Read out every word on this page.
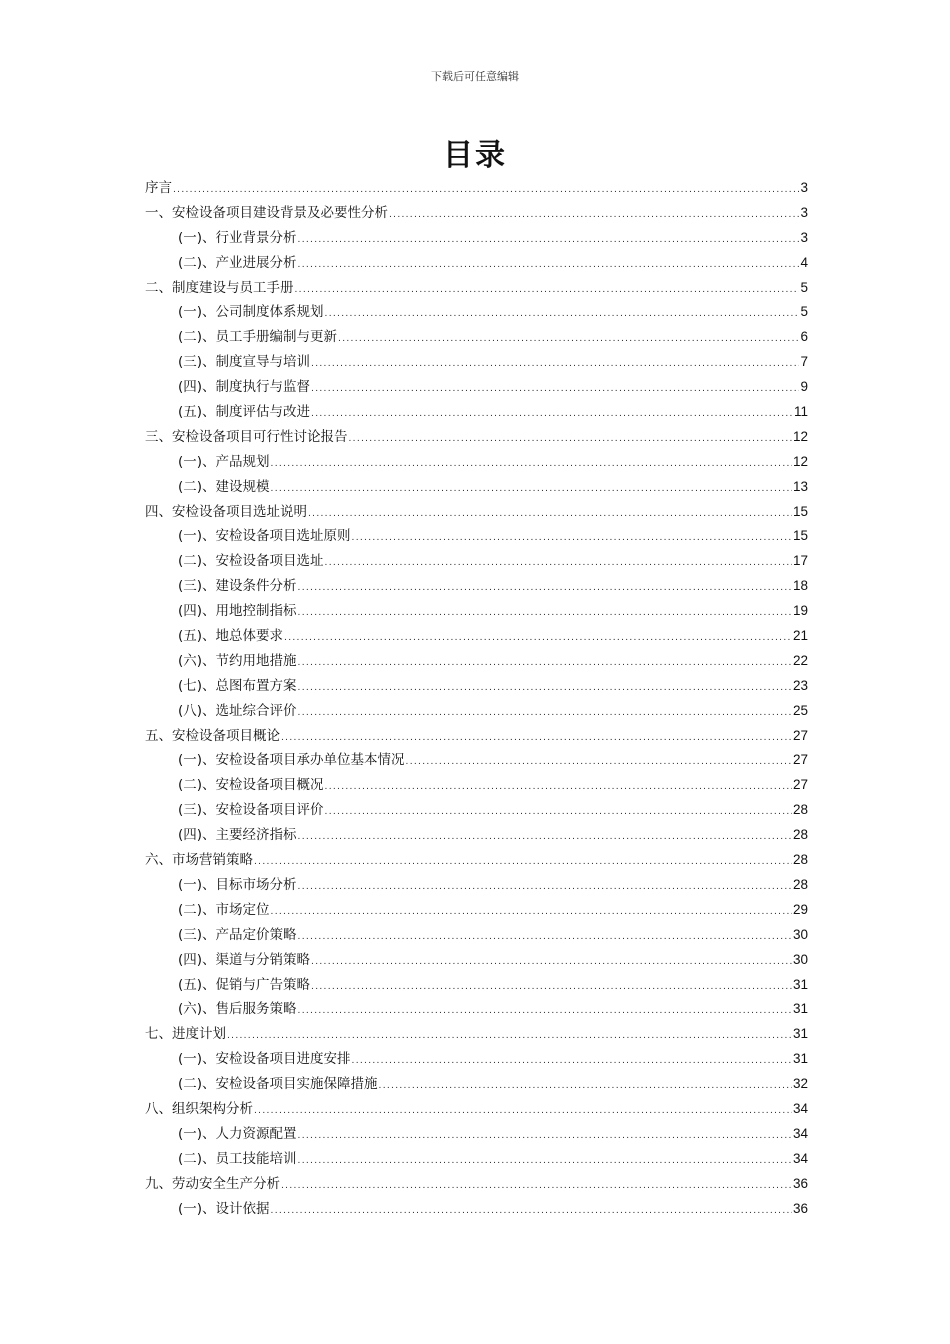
下载后可任意编辑
目录
序言 .....	3
一、安检设备项目建设背景及必要性分析 .....	3
(一)、行业背景分析 .....	3
(二)、产业进展分析 .....	4
二、制度建设与员工手册 .....	5
(一)、公司制度体系规划 .....	5
(二)、员工手册编制与更新 .....	6
(三)、制度宣导与培训 .....	7
(四)、制度执行与监督 .....	9
(五)、制度评估与改进 .....	11
三、安检设备项目可行性讨论报告 .....	12
(一)、产品规划 .....	12
(二)、建设规模 .....	13
四、安检设备项目选址说明 .....	15
(一)、安检设备项目选址原则 .....	15
(二)、安检设备项目选址 .....	17
(三)、建设条件分析 .....	18
(四)、用地控制指标 .....	19
(五)、地总体要求 .....	21
(六)、节约用地措施 .....	22
(七)、总图布置方案 .....	23
(八)、选址综合评价 .....	25
五、安检设备项目概论 .....	27
(一)、安检设备项目承办单位基本情况 .....	27
(二)、安检设备项目概况 .....	27
(三)、安检设备项目评价 .....	28
(四)、主要经济指标 .....	28
六、市场营销策略 .....	28
(一)、目标市场分析 .....	28
(二)、市场定位 .....	29
(三)、产品定价策略 .....	30
(四)、渠道与分销策略 .....	30
(五)、促销与广告策略 .....	31
(六)、售后服务策略 .....	31
七、进度计划 .....	31
(一)、安检设备项目进度安排 .....	31
(二)、安检设备项目实施保障措施 .....	32
八、组织架构分析 .....	34
(一)、人力资源配置 .....	34
(二)、员工技能培训 .....	34
九、劳动安全生产分析 .....	36
(一)、设计依据 .....	36
